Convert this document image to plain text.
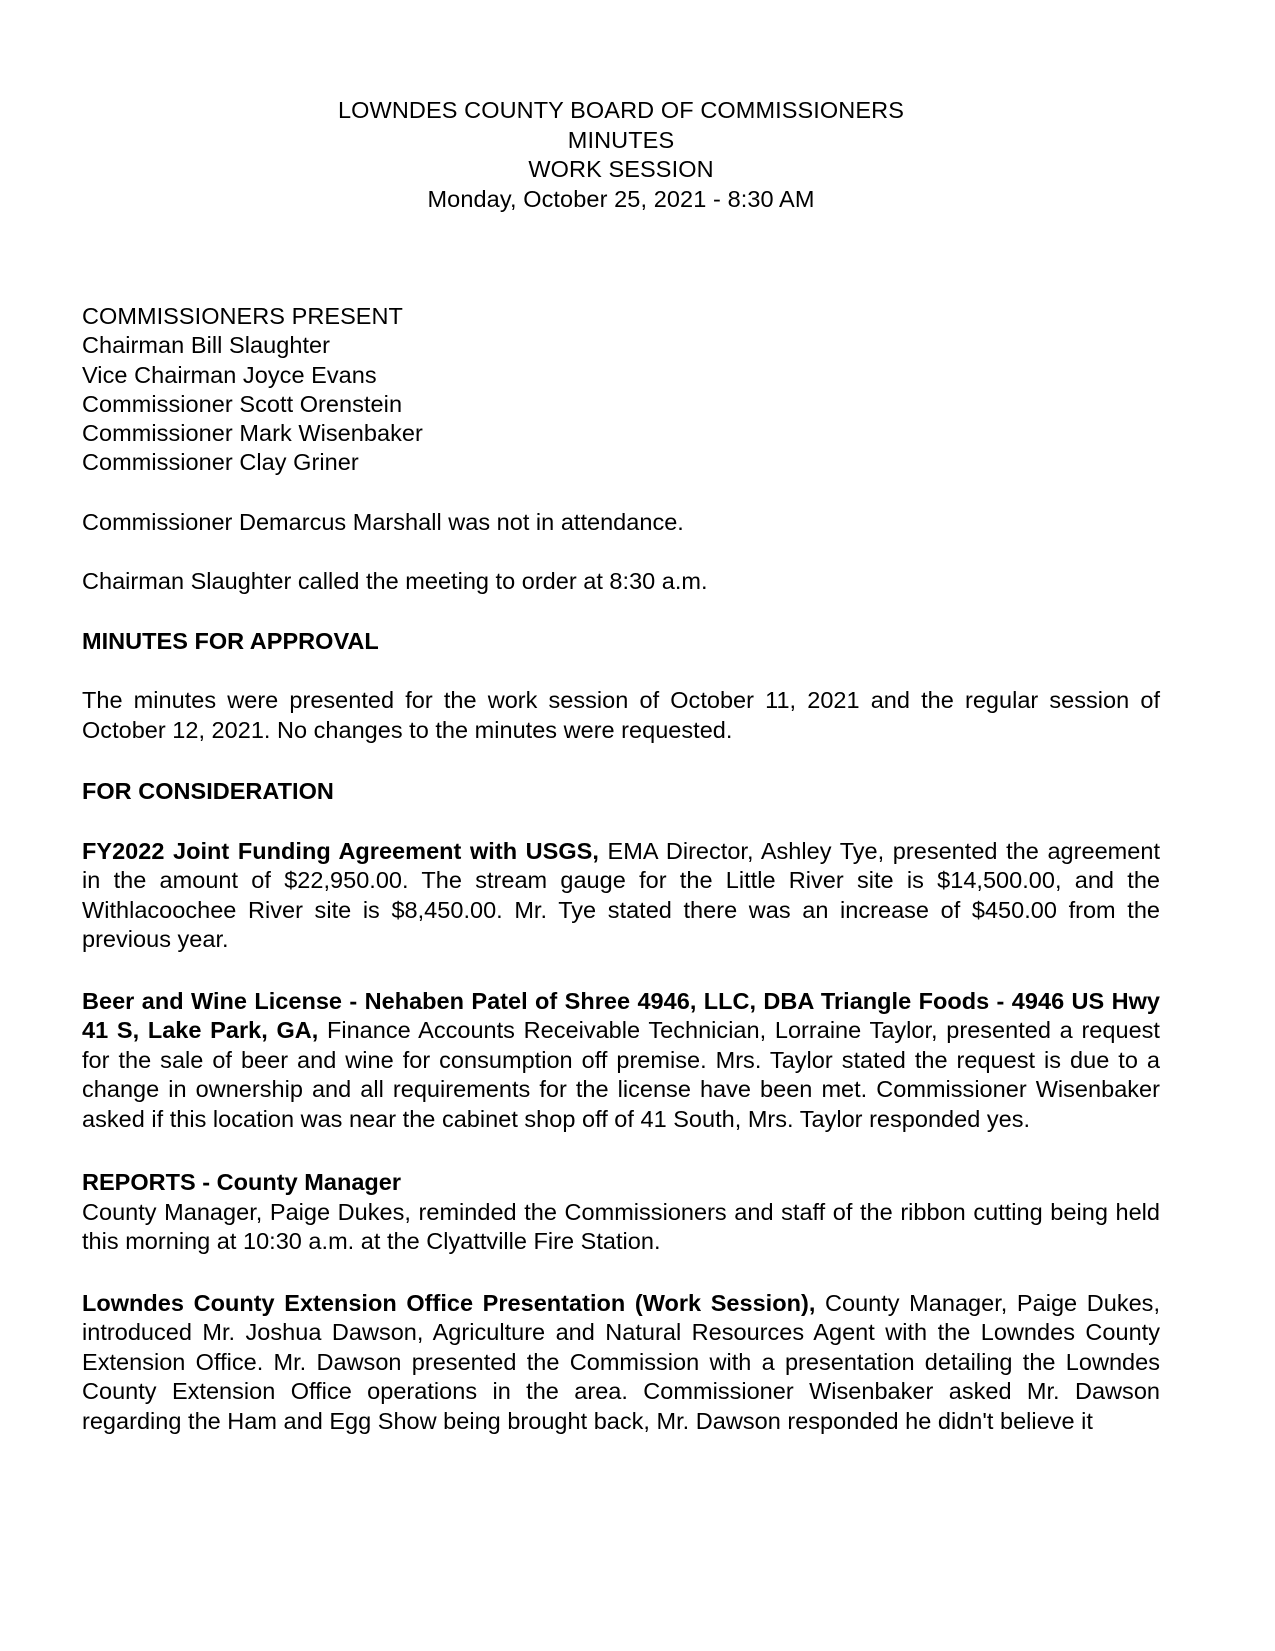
LOWNDES COUNTY BOARD OF COMMISSIONERS
MINUTES
WORK SESSION
Monday, October 25, 2021 - 8:30 AM
COMMISSIONERS PRESENT
Chairman Bill Slaughter
Vice Chairman Joyce Evans
Commissioner Scott Orenstein
Commissioner Mark Wisenbaker
Commissioner Clay Griner

Commissioner Demarcus Marshall was not in attendance.

Chairman Slaughter called the meeting to order at 8:30 a.m.

MINUTES FOR APPROVAL

The minutes were presented for the work session of October 11, 2021 and the regular session of October 12, 2021. No changes to the minutes were requested.

FOR CONSIDERATION

FY2022 Joint Funding Agreement with USGS, EMA Director, Ashley Tye, presented the agreement in the amount of $22,950.00. The stream gauge for the Little River site is $14,500.00, and the Withlacoochee River site is $8,450.00. Mr. Tye stated there was an increase of $450.00 from the previous year.

Beer and Wine License - Nehaben Patel of Shree 4946, LLC, DBA Triangle Foods - 4946 US Hwy 41 S, Lake Park, GA, Finance Accounts Receivable Technician, Lorraine Taylor, presented a request for the sale of beer and wine for consumption off premise. Mrs. Taylor stated the request is due to a change in ownership and all requirements for the license have been met. Commissioner Wisenbaker asked if this location was near the cabinet shop off of 41 South, Mrs. Taylor responded yes.

REPORTS - County Manager

County Manager, Paige Dukes, reminded the Commissioners and staff of the ribbon cutting being held this morning at 10:30 a.m. at the Clyattville Fire Station.

Lowndes County Extension Office Presentation (Work Session), County Manager, Paige Dukes, introduced Mr. Joshua Dawson, Agriculture and Natural Resources Agent with the Lowndes County Extension Office. Mr. Dawson presented the Commission with a presentation detailing the Lowndes County Extension Office operations in the area. Commissioner Wisenbaker asked Mr. Dawson regarding the Ham and Egg Show being brought back, Mr. Dawson responded he didn't believe it
